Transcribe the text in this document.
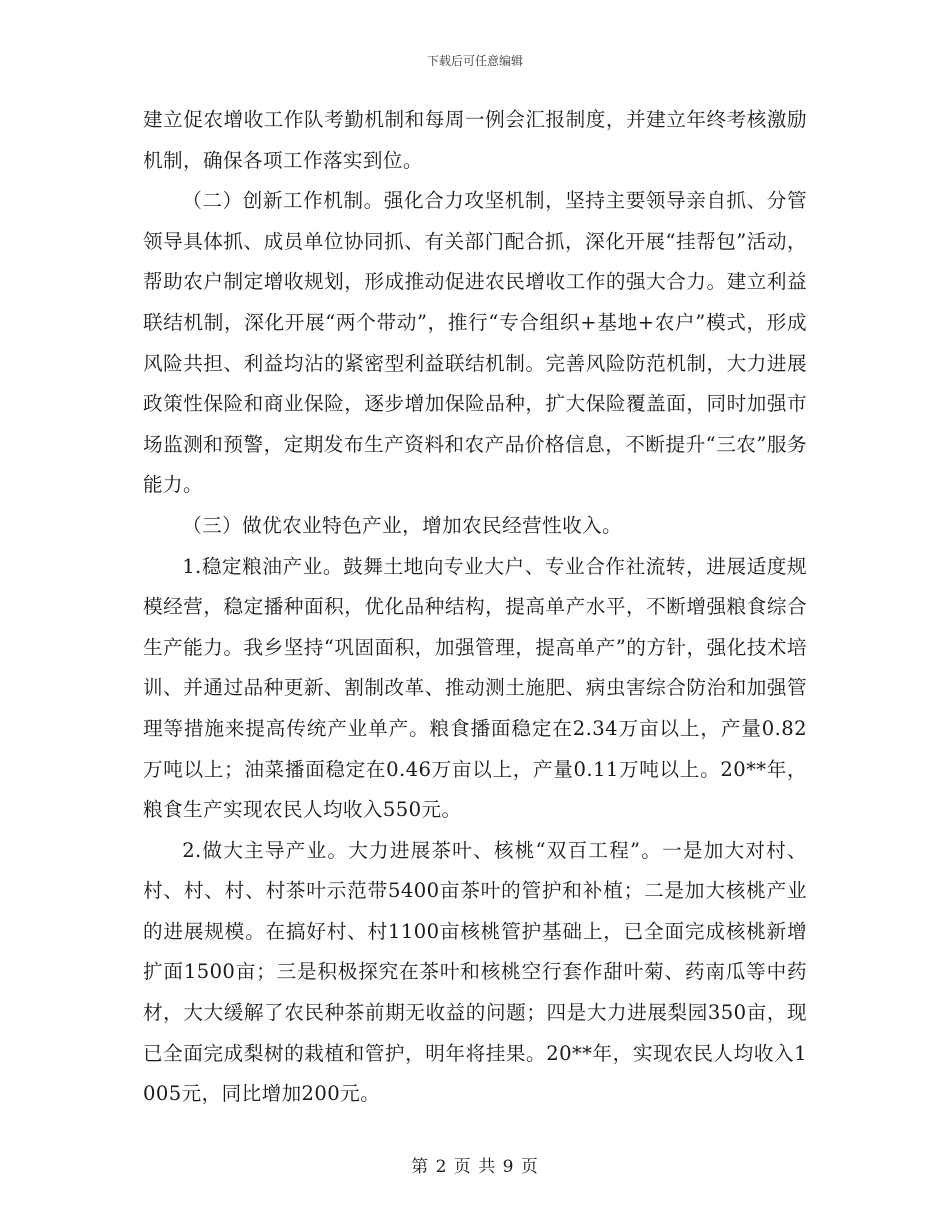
下载后可任意编辑

建立促农增收工作队考勤机制和每周一例会汇报制度，并建立年终考核激励机制，确保各项工作落实到位。

（二）创新工作机制。强化合力攻坚机制，坚持主要领导亲自抓、分管领导具体抓、成员单位协同抓、有关部门配合抓，深化开展“挂帮包”活动，帮助农户制定增收规划，形成推动促进农民增收工作的强大合力。建立利益联结机制，深化开展“两个带动”，推行“专合组织+基地+农户”模式，形成风险共担、利益均沾的紧密型利益联结机制。完善风险防范机制，大力进展政策性保险和商业保险，逐步增加保险品种，扩大保险覆盖面，同时加强市场监测和预警，定期发布生产资料和农产品价格信息，不断提升“三农”服务能力。

（三）做优农业特色产业，增加农民经营性收入。

1.稳定粮油产业。鼓舞土地向专业大户、专业合作社流转，进展适度规模经营，稳定播种面积，优化品种结构，提高单产水平，不断增强粮食综合生产能力。我乡坚持“巩固面积，加强管理，提高单产”的方针，强化技术培训、并通过品种更新、割制改革、推动测土施肥、病虫害综合防治和加强管理等措施来提高传统产业单产。粮食播面稳定在2.34万亩以上，产量0.82万吨以上；油菜播面稳定在0.46万亩以上，产量0.11万吨以上。20**年，粮食生产实现农民人均收入550元。

2.做大主导产业。大力进展茶叶、核桃“双百工程”。一是加大对村、村、村、村、村茶叶示范带5400亩茶叶的管护和补植；二是加大核桃产业的进展规模。在搞好村、村1100亩核桃管护基础上，已全面完成核桃新增扩面1500亩；三是积极探究在茶叶和核桃空行套作甜叶菊、药南瓜等中药材，大大缓解了农民种茶前期无收益的问题；四是大力进展梨园350亩，现已全面完成梨树的栽植和管护，明年将挂果。20**年，实现农民人均收入1005元，同比增加200元。

第 2 页 共 9 页
